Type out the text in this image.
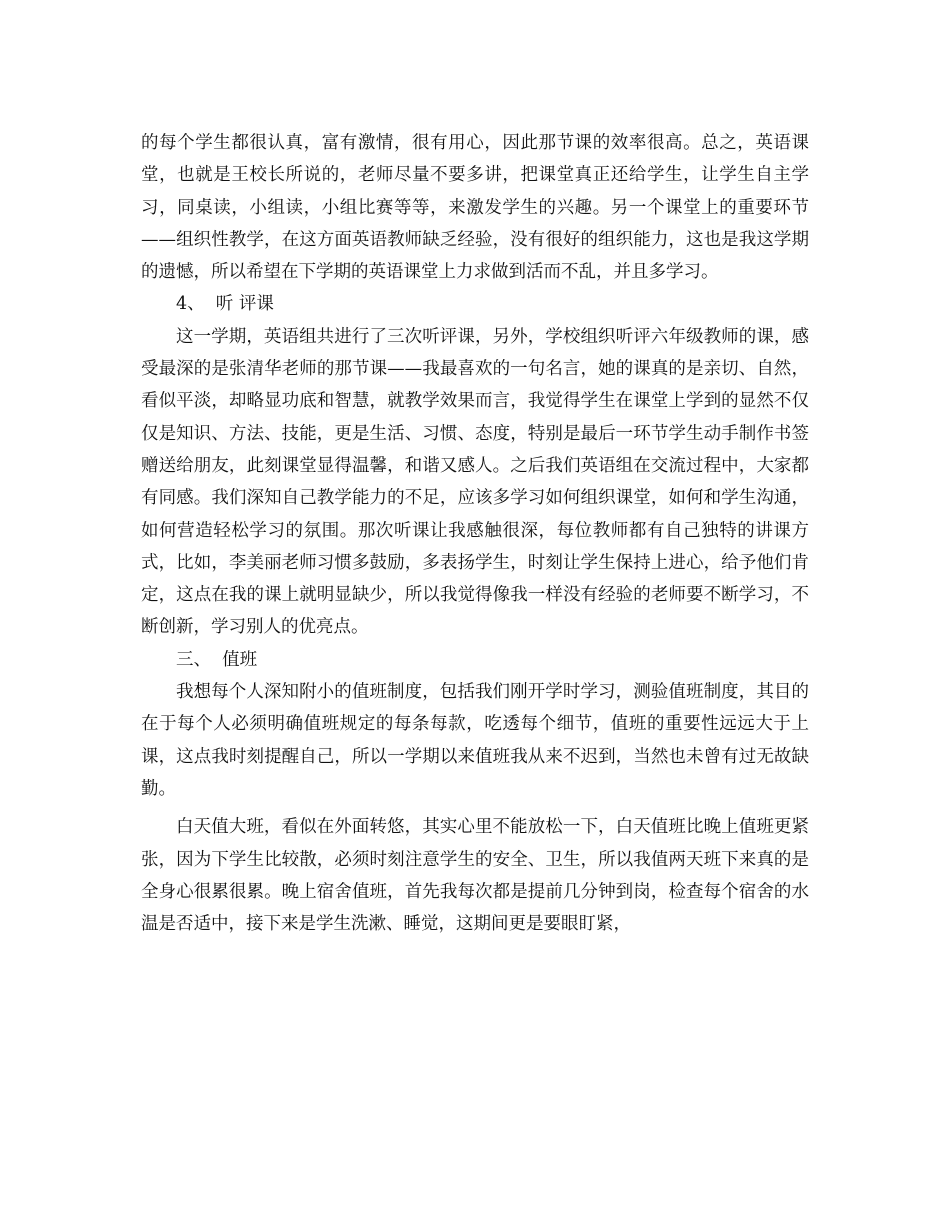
的每个学生都很认真，富有激情，很有用心，因此那节课的效率很高。总之，英语课堂，也就是王校长所说的，老师尽量不要多讲，把课堂真正还给学生，让学生自主学习，同桌读，小组读，小组比赛等等，来激发学生的兴趣。另一个课堂上的重要环节——组织性教学，在这方面英语教师缺乏经验，没有很好的组织能力，这也是我这学期的遗憾，所以希望在下学期的英语课堂上力求做到活而不乱，并且多学习。

4、  听 评课

这一学期，英语组共进行了三次听评课，另外，学校组织听评六年级教师的课，感受最深的是张清华老师的那节课——我最喜欢的一句名言，她的课真的是亲切、自然，看似平淡，却略显功底和智慧，就教学效果而言，我觉得学生在课堂上学到的显然不仅仅是知识、方法、技能，更是生活、习惯、态度，特别是最后一环节学生动手制作书签赠送给朋友，此刻课堂显得温馨，和谐又感人。之后我们英语组在交流过程中，大家都有同感。我们深知自己教学能力的不足，应该多学习如何组织课堂，如何和学生沟通，如何营造轻松学习的氛围。那次听课让我感触很深，每位教师都有自己独特的讲课方式，比如，李美丽老师习惯多鼓励，多表扬学生，时刻让学生保持上进心，给予他们肯定，这点在我的课上就明显缺少，所以我觉得像我一样没有经验的老师要不断学习，不断创新，学习别人的优亮点。

三、  值班

我想每个人深知附小的值班制度，包括我们刚开学时学习，测验值班制度，其目的在于每个人必须明确值班规定的每条每款，吃透每个细节，值班的重要性远远大于上课，这点我时刻提醒自己，所以一学期以来值班我从来不迟到，当然也未曾有过无故缺勤。

白天值大班，看似在外面转悠，其实心里不能放松一下，白天值班比晚上值班更紧张，因为下学生比较散，必须时刻注意学生的安全、卫生，所以我值两天班下来真的是全身心很累很累。晚上宿舍值班，首先我每次都是提前几分钟到岗，检查每个宿舍的水温是否适中，接下来是学生洗漱、睡觉，这期间更是要眼盯紧，
